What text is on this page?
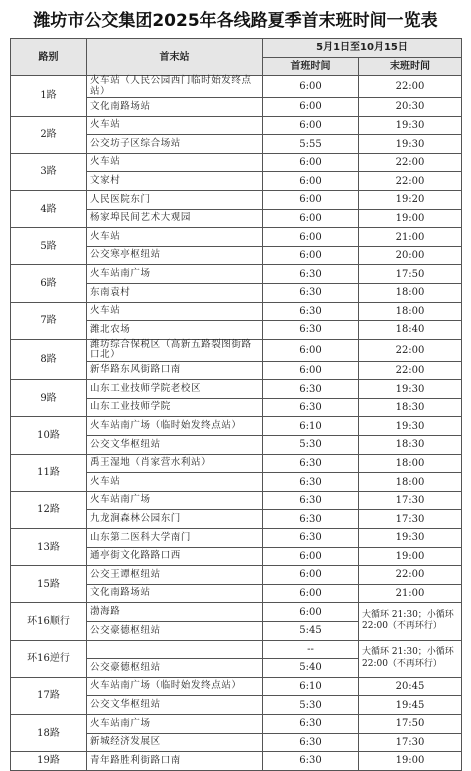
潍坊市公交集团2025年各线路夏季首末班时间一览表
路别	首末站	5月1日至10月15日	
		首班时间	末班时间
1路	火车站（人民公园西门临时始发终点站）	6:00	22:00
	文化南路场站	6:00	20:30
2路	火车站	6:00	19:30
	公交坊子区综合场站	5:55	19:30
3路	火车站	6:00	22:00
	文家村	6:00	22:00
4路	人民医院东门	6:00	19:20
	杨家埠民间艺术大观园	6:00	19:00
5路	火车站	6:00	21:00
	公交寒亭枢纽站	6:00	20:00
6路	火车站南广场	6:30	17:50
	东南袁村	6:30	18:00
7路	火车站	6:30	18:00
	潍北农场	6:30	18:40
8路	潍坊综合保税区（高新五路裂图街路口北）	6:00	22:00
	新华路东风街路口南	6:00	22:00
9路	山东工业技师学院老校区	6:30	19:30
	山东工业技师学院	6:30	18:30
10路	火车站南广场（临时始发终点站）	6:10	19:30
	公交文华枢纽站	5:30	18:30
11路	禹王湿地（肖家营水利站）	6:30	18:00
	火车站	6:30	18:00
12路	火车站南广场	6:30	17:30
	九龙涧森林公园东门	6:30	17:30
13路	山东第二医科大学南门	6:30	19:30
	通亭街文化路路口西	6:00	19:00
15路	公交王谭枢纽站	6:00	22:00
	文化南路场站	6:00	21:00
环16顺行	渤海路	6:00	大循环 21:30；小循环 22:00（不再环行）
	公交豪德枢纽站	5:45	
环16逆行		--	大循环 21:30；小循环 22:00（不再环行）
	公交豪德枢纽站	5:40	
17路	火车站南广场（临时始发终点站）	6:10	20:45
	公交文华枢纽站	5:30	19:45
18路	火车站南广场	6:30	17:50
	新城经济发展区	6:30	17:30
19路	青年路胜利街路口南	6:30	19:00
